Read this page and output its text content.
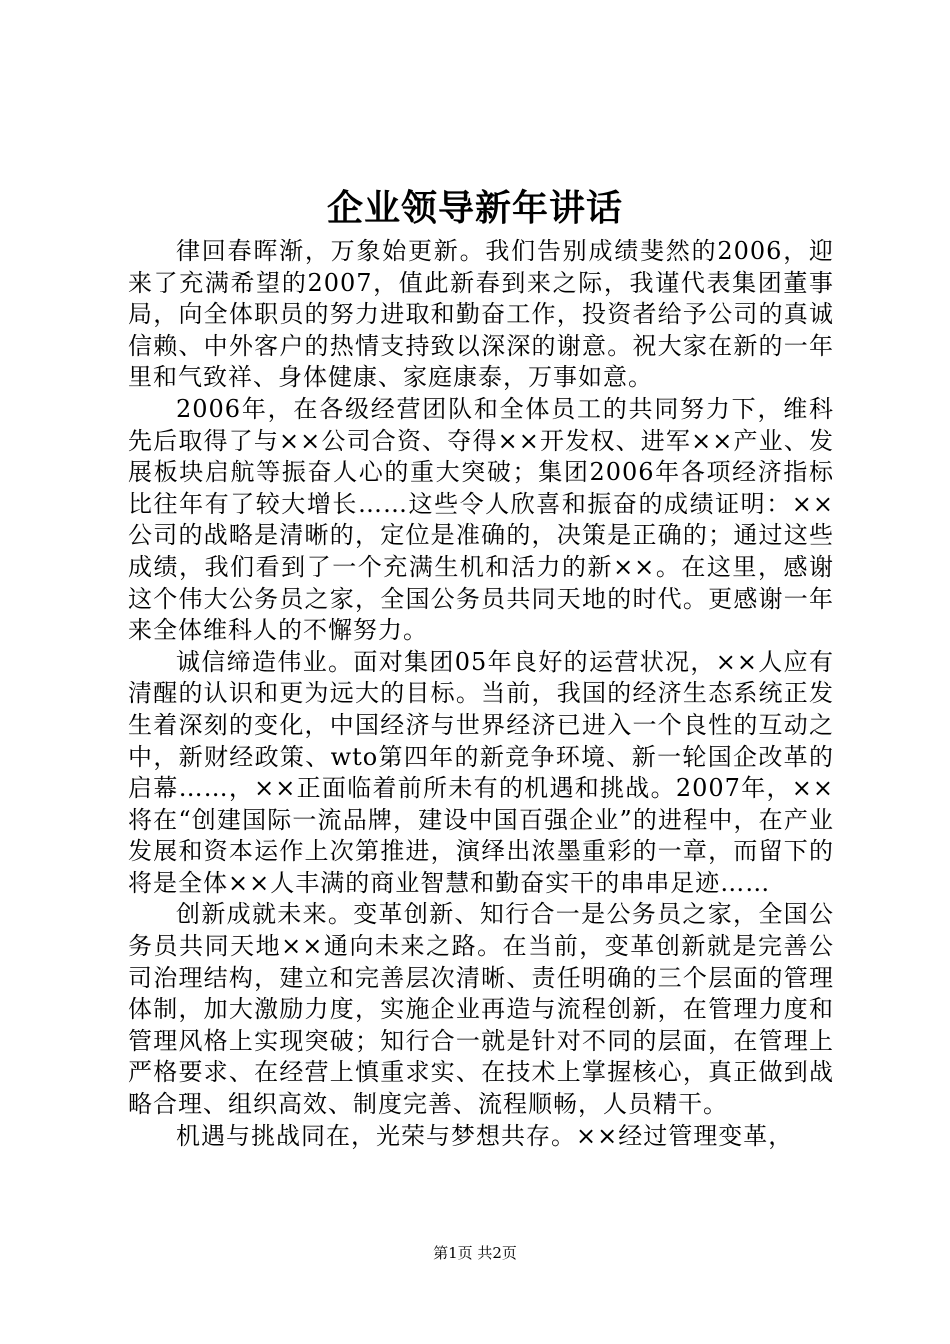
企业领导新年讲话

律回春晖渐，万象始更新。我们告别成绩斐然的2006，迎来了充满希望的2007，值此新春到来之际，我谨代表集团董事局，向全体职员的努力进取和勤奋工作，投资者给予公司的真诚信赖、中外客户的热情支持致以深深的谢意。祝大家在新的一年里和气致祥、身体健康、家庭康泰，万事如意。

2006年，在各级经营团队和全体员工的共同努力下，维科先后取得了与××公司合资、夺得××开发权、进军××产业、发展板块启航等振奋人心的重大突破；集团2006年各项经济指标比往年有了较大增长……这些令人欣喜和振奋的成绩证明：××公司的战略是清晰的，定位是准确的，决策是正确的；通过这些成绩，我们看到了一个充满生机和活力的新××。在这里，感谢这个伟大公务员之家，全国公务员共同天地的时代。更感谢一年来全体维科人的不懈努力。

诚信缔造伟业。面对集团05年良好的运营状况，××人应有清醒的认识和更为远大的目标。当前，我国的经济生态系统正发生着深刻的变化，中国经济与世界经济已进入一个良性的互动之中，新财经政策、wto第四年的新竞争环境、新一轮国企改革的启幕……，××正面临着前所未有的机遇和挑战。2007年，××将在“创建国际一流品牌，建设中国百强企业”的进程中，在产业发展和资本运作上次第推进，演绎出浓墨重彩的一章，而留下的将是全体××人丰满的商业智慧和勤奋实干的串串足迹……

创新成就未来。变革创新、知行合一是公务员之家，全国公务员共同天地××通向未来之路。在当前，变革创新就是完善公司治理结构，建立和完善层次清晰、责任明确的三个层面的管理体制，加大激励力度，实施企业再造与流程创新，在管理力度和管理风格上实现突破；知行合一就是针对不同的层面，在管理上严格要求、在经营上慎重求实、在技术上掌握核心，真正做到战略合理、组织高效、制度完善、流程顺畅，人员精干。

机遇与挑战同在，光荣与梦想共存。××经过管理变革，

第1页 共2页
